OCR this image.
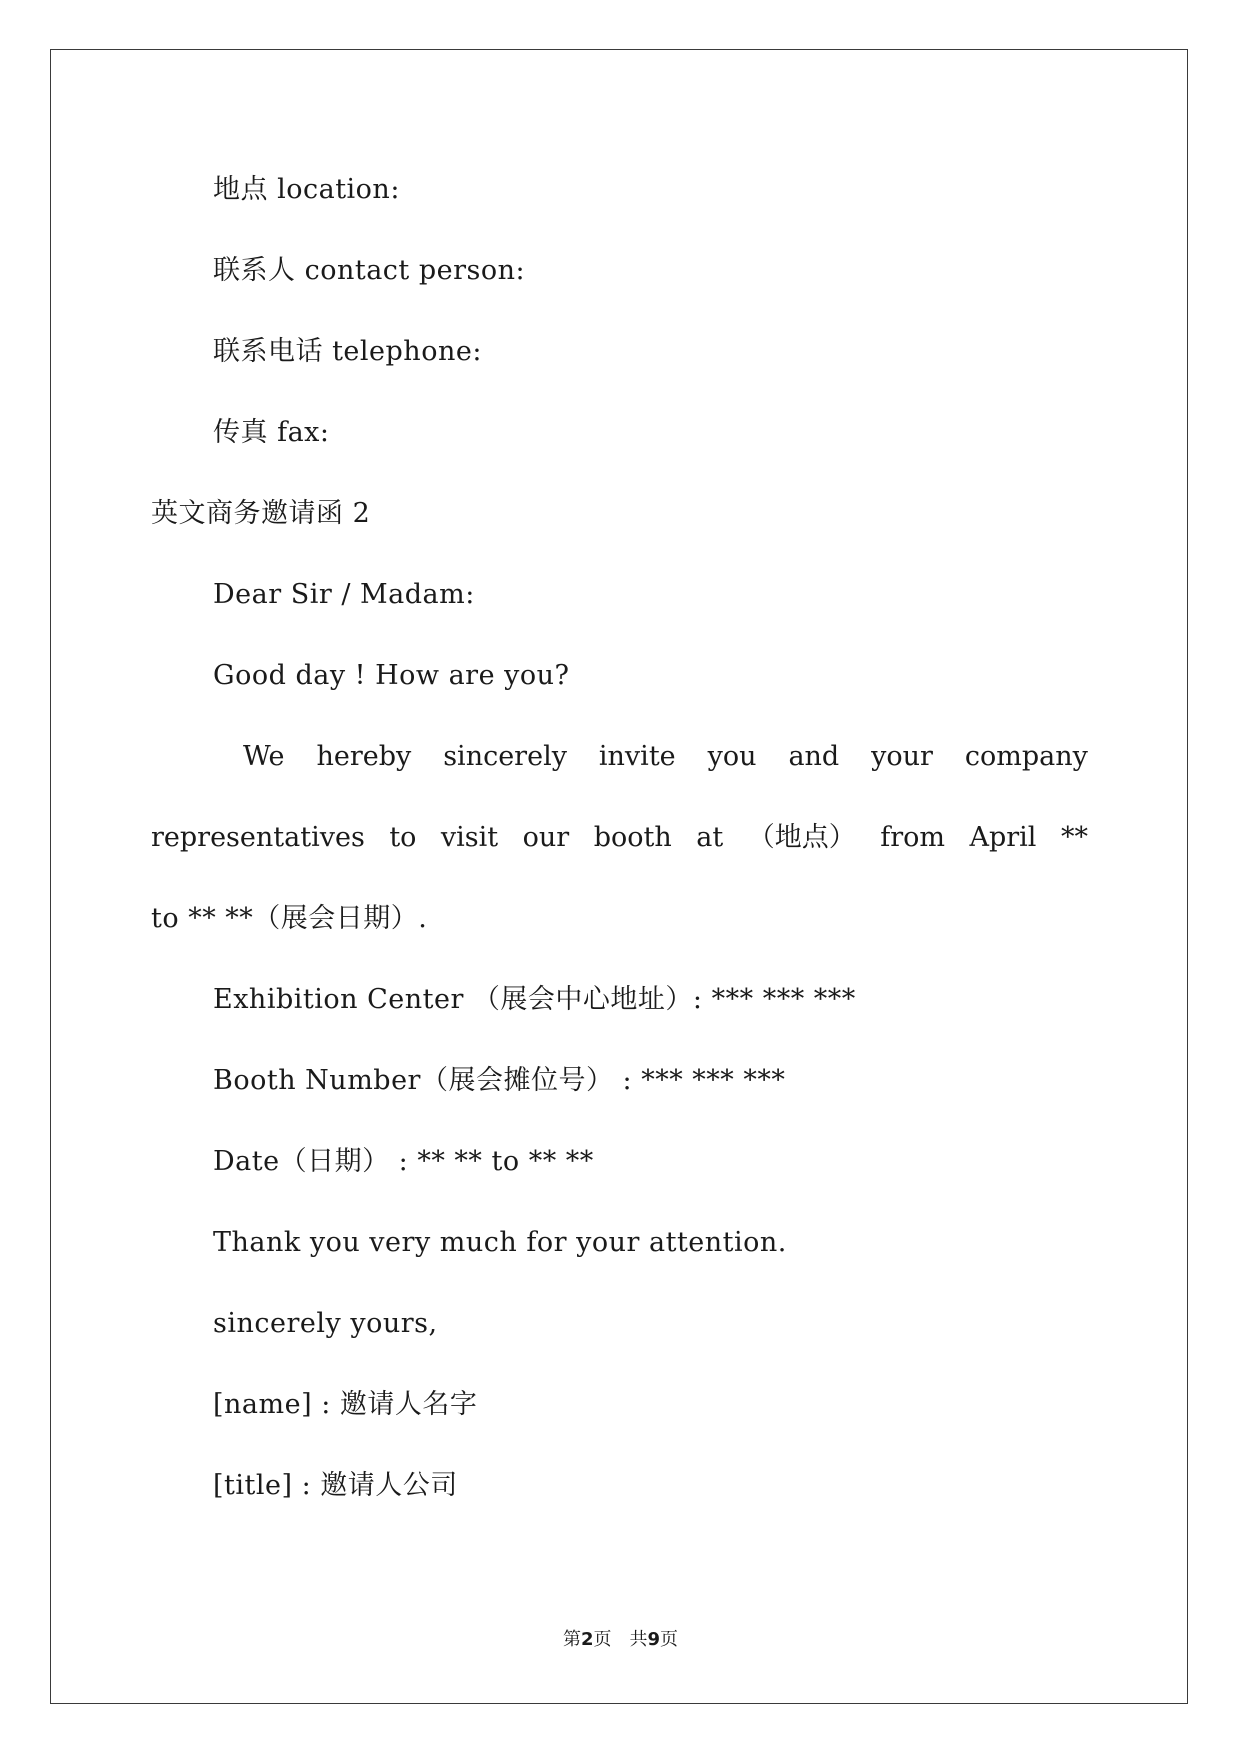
地点 location:
联系人 contact person:
联系电话 telephone:
传真 fax:
英文商务邀请函 2
Dear Sir / Madam:
Good day ! How are you?
We hereby sincerely invite you and your company
representatives to visit our booth at （地点） from April **
to ** **（展会日期）.
Exhibition Center （展会中心地址）: *** *** ***
Booth Number（展会摊位号） : *** *** ***
Date（日期） : ** ** to ** **
Thank you very much for your attention.
sincerely yours,
[name] : 邀请人名字
[title] : 邀请人公司
第2页 共9页
